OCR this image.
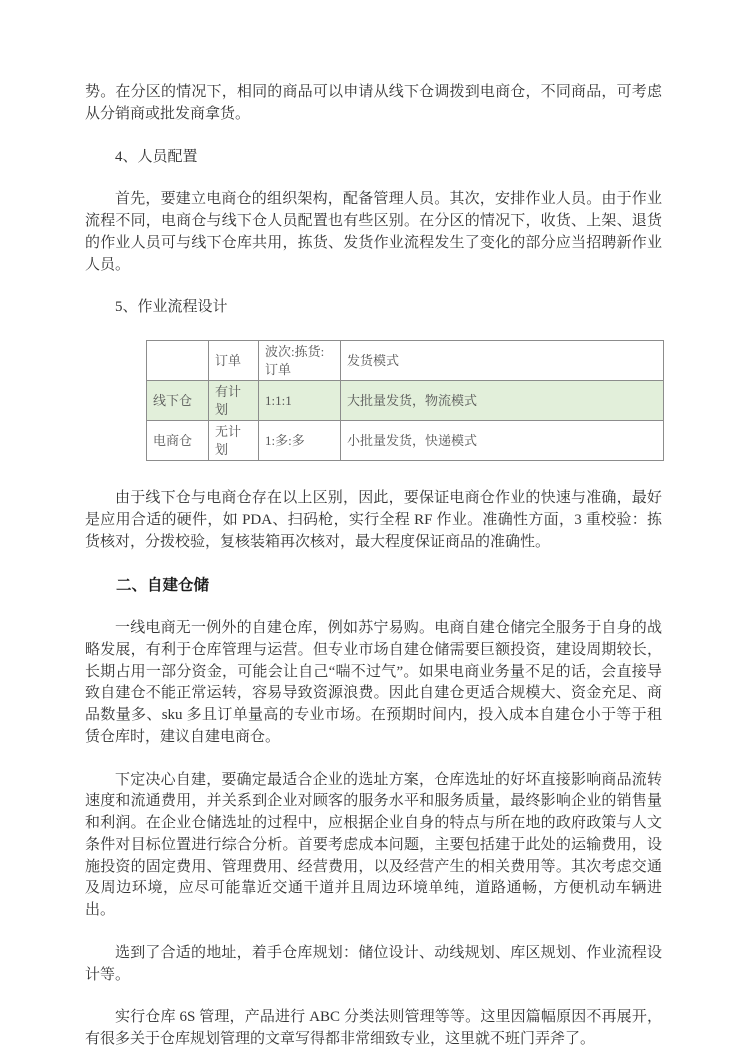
势。在分区的情况下，相同的商品可以申请从线下仓调拨到电商仓，不同商品，可考虑从分销商或批发商拿货。

4、人员配置

首先，要建立电商仓的组织架构，配备管理人员。其次，安排作业人员。由于作业流程不同，电商仓与线下仓人员配置也有些区别。在分区的情况下，收货、上架、退货的作业人员可与线下仓库共用，拣货、发货作业流程发生了变化的部分应当招聘新作业人员。

5、作业流程设计

	订单	波次:拣货:订单	发货模式
线下仓	有计划	1:1:1	大批量发货，物流模式
电商仓	无计划	1:多:多	小批量发货，快递模式

由于线下仓与电商仓存在以上区别，因此，要保证电商仓作业的快速与准确，最好是应用合适的硬件，如 PDA、扫码枪，实行全程 RF 作业。准确性方面，3 重校验：拣货核对，分拨校验，复核装箱再次核对，最大程度保证商品的准确性。

二、自建仓储

一线电商无一例外的自建仓库，例如苏宁易购。电商自建仓储完全服务于自身的战略发展，有利于仓库管理与运营。但专业市场自建仓储需要巨额投资，建设周期较长，长期占用一部分资金，可能会让自己“喘不过气”。如果电商业务量不足的话，会直接导致自建仓不能正常运转，容易导致资源浪费。因此自建仓更适合规模大、资金充足、商品数量多、sku 多且订单量高的专业市场。在预期时间内，投入成本自建仓小于等于租赁仓库时，建议自建电商仓。

下定决心自建，要确定最适合企业的选址方案，仓库选址的好坏直接影响商品流转速度和流通费用，并关系到企业对顾客的服务水平和服务质量，最终影响企业的销售量和利润。在企业仓储选址的过程中，应根据企业自身的特点与所在地的政府政策与人文条件对目标位置进行综合分析。首要考虑成本问题，主要包括建于此处的运输费用，设施投资的固定费用、管理费用、经营费用，以及经营产生的相关费用等。其次考虑交通及周边环境，应尽可能靠近交通干道并且周边环境单纯，道路通畅，方便机动车辆进出。

选到了合适的地址，着手仓库规划：储位设计、动线规划、库区规划、作业流程设计等。

实行仓库 6S 管理，产品进行 ABC 分类法则管理等等。这里因篇幅原因不再展开，有很多关于仓库规划管理的文章写得都非常细致专业，这里就不班门弄斧了。
